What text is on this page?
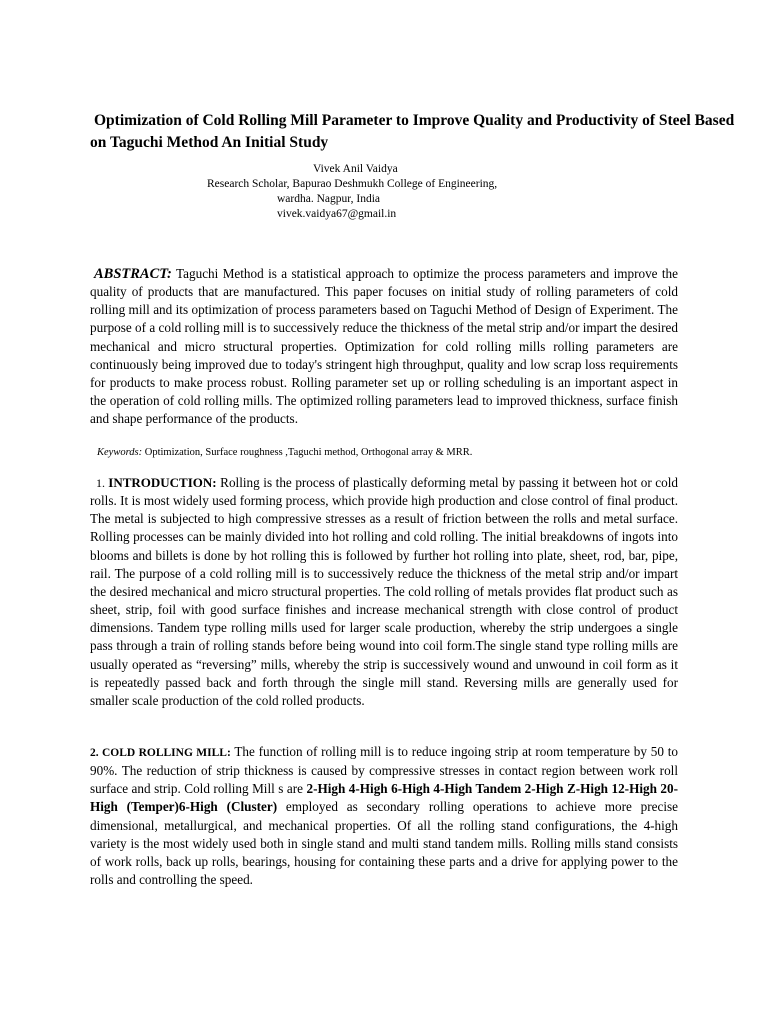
Optimization of Cold Rolling Mill Parameter to Improve Quality and Productivity of Steel Based on Taguchi Method An Initial Study
Vivek Anil Vaidya
Research Scholar, Bapurao Deshmukh College of Engineering,
wardha. Nagpur, India
vivek.vaidya67@gmail.in

ABSTRACT: Taguchi Method is a statistical approach to optimize the process parameters and improve the quality of products that are manufactured. This paper focuses on initial study of rolling parameters of cold rolling mill and its optimization of process parameters based on Taguchi Method of Design of Experiment. The purpose of a cold rolling mill is to successively reduce the thickness of the metal strip and/or impart the desired mechanical and micro structural properties. Optimization for cold rolling mills rolling parameters are continuously being improved due to today's stringent high throughput, quality and low scrap loss requirements for products to make process robust. Rolling parameter set up or rolling scheduling is an important aspect in the operation of cold rolling mills. The optimized rolling parameters lead to improved thickness, surface finish and shape performance of the products.

Keywords: Optimization, Surface roughness ,Taguchi method, Orthogonal array & MRR.

1. INTRODUCTION: Rolling is the process of plastically deforming metal by passing it between hot or cold rolls. It is most widely used forming process, which provide high production and close control of final product. The metal is subjected to high compressive stresses as a result of friction between the rolls and metal surface. Rolling processes can be mainly divided into hot rolling and cold rolling. The initial breakdowns of ingots into blooms and billets is done by hot rolling this is followed by further hot rolling into plate, sheet, rod, bar, pipe, rail. The purpose of a cold rolling mill is to successively reduce the thickness of the metal strip and/or impart the desired mechanical and micro structural properties. The cold rolling of metals provides flat product such as sheet, strip, foil with good surface finishes and increase mechanical strength with close control of product dimensions. Tandem type rolling mills used for larger scale production, whereby the strip undergoes a single pass through a train of rolling stands before being wound into coil form.The single stand type rolling mills are usually operated as “reversing” mills, whereby the strip is successively wound and unwound in coil form as it is repeatedly passed back and forth through the single mill stand. Reversing mills are generally used for smaller scale production of the cold rolled products.

2. COLD ROLLING MILL: The function of rolling mill is to reduce ingoing strip at room temperature by 50 to 90%. The reduction of strip thickness is caused by compressive stresses in contact region between work roll surface and strip. Cold rolling Mill s are 2-High 4-High 6-High 4-High Tandem 2-High Z-High 12-High 20-High (Temper)6-High (Cluster) employed as secondary rolling operations to achieve more precise dimensional, metallurgical, and mechanical properties. Of all the rolling stand configurations, the 4-high variety is the most widely used both in single stand and multi stand tandem mills. Rolling mills stand consists of work rolls, back up rolls, bearings, housing for containing these parts and a drive for applying power to the rolls and controlling the speed.
